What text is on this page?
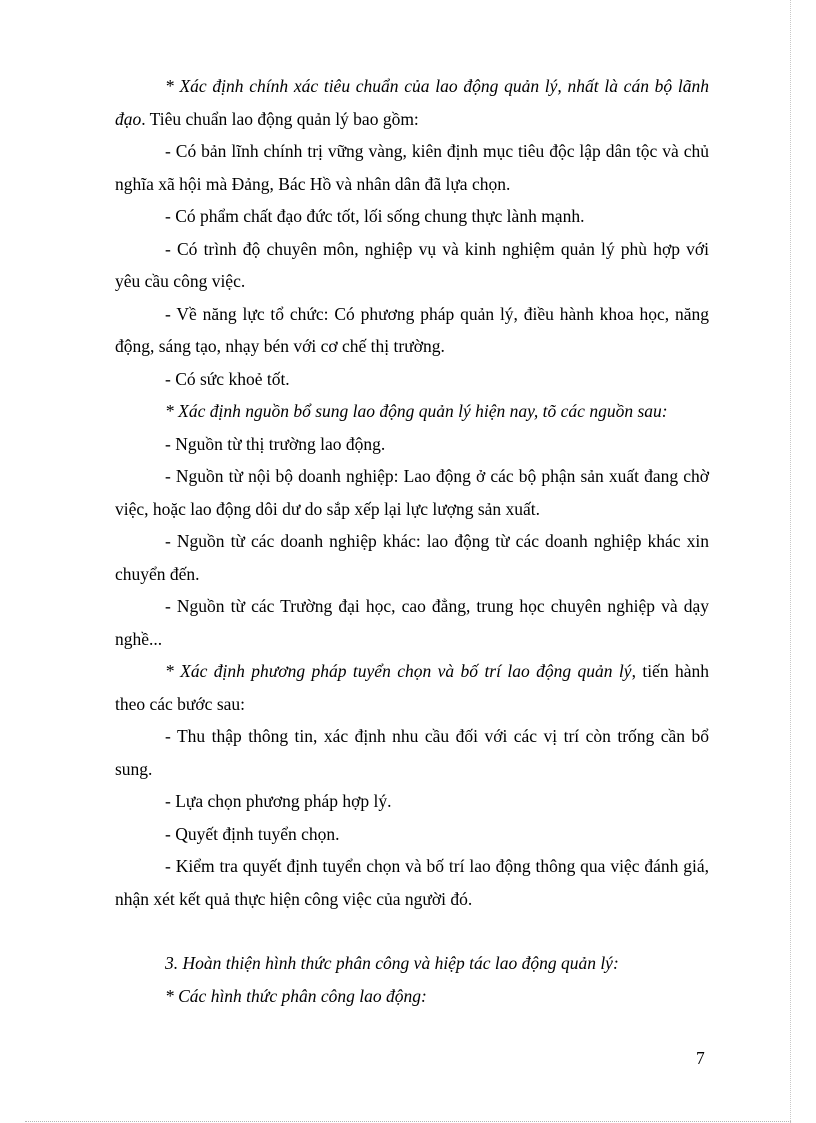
* Xác định chính xác tiêu chuẩn của lao động quản lý, nhất là cán bộ lãnh đạo. Tiêu chuẩn lao động quản lý bao gồm:

- Có bản lĩnh chính trị vững vàng, kiên định mục tiêu độc lập dân tộc và chủ nghĩa xã hội mà Đảng, Bác Hồ và nhân dân đã lựa chọn.

- Có phẩm chất đạo đức tốt, lối sống chung thực lành mạnh.

- Có trình độ chuyên môn, nghiệp vụ và kinh nghiệm quản lý phù hợp với yêu cầu công việc.

- Về năng lực tổ chức: Có phương pháp quản lý, điều hành khoa học, năng động, sáng tạo, nhạy bén với cơ chế thị trường.

- Có sức khoẻ tốt.

* Xác định nguồn bổ sung lao động quản lý hiện nay, tõ các nguồn sau:

- Nguồn từ thị trường lao động.

- Nguồn từ nội bộ doanh nghiệp: Lao động ở các bộ phận sản xuất đang chờ việc, hoặc lao động dôi dư do sắp xếp lại lực lượng sản xuất.

- Nguồn từ các doanh nghiệp khác: lao động từ các doanh nghiệp khác xin chuyển đến.

- Nguồn từ các Trường đại học, cao đẳng, trung học chuyên nghiệp và dạy nghề...

* Xác định phương pháp tuyển chọn và bố trí lao động quản lý, tiến hành theo các bước sau:

- Thu thập thông tin, xác định nhu cầu đối với các vị trí còn trống cần bổ sung.

- Lựa chọn phương pháp hợp lý.

- Quyết định tuyển chọn.

- Kiểm tra quyết định tuyển chọn và bố trí lao động thông qua việc đánh giá, nhận xét kết quả thực hiện công việc của người đó.

3. Hoàn thiện hình thức phân công và hiệp tác lao động quản lý:

* Các hình thức phân công lao động:

7
